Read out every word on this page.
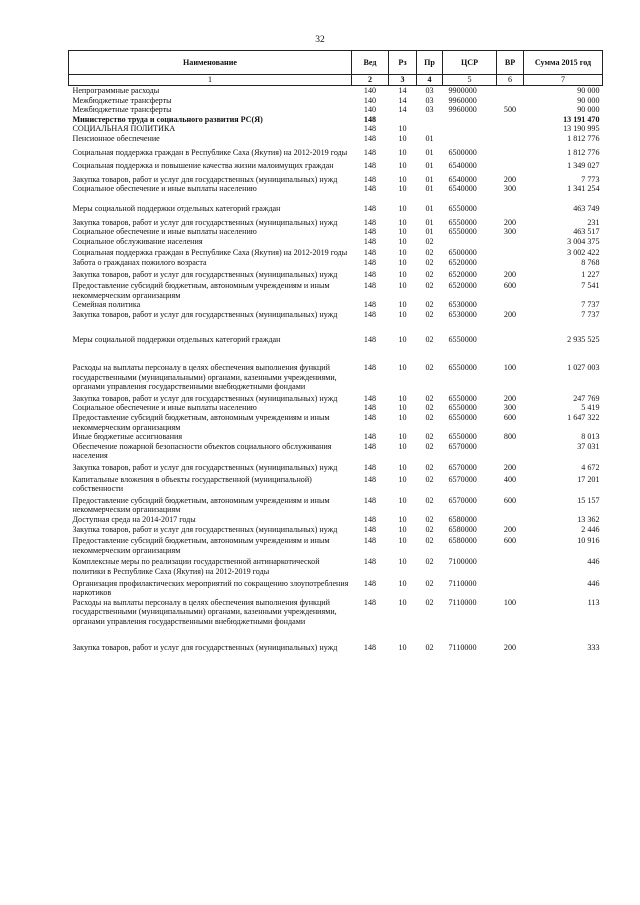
32
Наименование	Вед	Рз	Пр	ЦСР	ВР	Сумма 2015 год
1	2	3	4	5	6	7
Непрограммные расходы	140	14	03	9900000		90 000
Межбюджетные трансферты	140	14	03	9960000		90 000
Межбюджетные трансферты	140	14	03	9960000	500	90 000
Министерство труда и социального развития РС(Я)	148					13 191 470
СОЦИАЛЬНАЯ ПОЛИТИКА	148	10				13 190 995
Пенсионное обеспечение	148	10	01			1 812 776
Социальная поддержка граждан в Республике Саха (Якутия) на 2012-2019 годы	148	10	01	6500000		1 812 776
Социальная поддержка и повышение качества жизни малоимущих граждан	148	10	01	6540000		1 349 027
Закупка товаров, работ и услуг для государственных (муниципальных) нужд	148	10	01	6540000	200	7 773
Социальное обеспечение и иные выплаты населению	148	10	01	6540000	300	1 341 254
Меры социальной поддержки отдельных категорий граждан	148	10	01	6550000		463 749
Закупка товаров, работ и услуг для государственных (муниципальных) нужд	148	10	01	6550000	200	231
Социальное обеспечение и иные выплаты населению	148	10	01	6550000	300	463 517
Социальное обслуживание населения	148	10	02			3 004 375
Социальная поддержка граждан в Республике Саха (Якутия) на 2012-2019 годы	148	10	02	6500000		3 002 422
Забота о гражданах пожилого возраста	148	10	02	6520000		8 768
Закупка товаров, работ и услуг для государственных (муниципальных) нужд	148	10	02	6520000	200	1 227
Предоставление субсидий бюджетным, автономным учреждениям и иным некоммерческим организациям	148	10	02	6520000	600	7 541
Семейная политика	148	10	02	6530000		7 737
Закупка товаров, работ и услуг для государственных (муниципальных) нужд	148	10	02	6530000	200	7 737
Меры социальной поддержки отдельных категорий граждан	148	10	02	6550000		2 935 525
Расходы на выплаты персоналу в целях обеспечения выполнения функций государственными (муниципальными) органами, казенными учреждениями, органами управления государственными внебюджетными фондами	148	10	02	6550000	100	1 027 003
Закупка товаров, работ и услуг для государственных (муниципальных) нужд	148	10	02	6550000	200	247 769
Социальное обеспечение и иные выплаты населению	148	10	02	6550000	300	5 419
Предоставление субсидий бюджетным, автономным учреждениям и иным некоммерческим организациям	148	10	02	6550000	600	1 647 322
Иные бюджетные ассигнования	148	10	02	6550000	800	8 013
Обеспечение пожарной безопасности объектов социального обслуживания населения	148	10	02	6570000		37 031
Закупка товаров, работ и услуг для государственных (муниципальных) нужд	148	10	02	6570000	200	4 672
Капитальные вложения в объекты государственной (муниципальной) собственности	148	10	02	6570000	400	17 201
Предоставление субсидий бюджетным, автономным учреждениям и иным некоммерческим организациям	148	10	02	6570000	600	15 157
Доступная среда на 2014-2017 годы	148	10	02	6580000		13 362
Закупка товаров, работ и услуг для государственных (муниципальных) нужд	148	10	02	6580000	200	2 446
Предоставление субсидий бюджетным, автономным учреждениям и иным некоммерческим организациям	148	10	02	6580000	600	10 916
Комплексные меры по реализации государственной антинаркотической политики в Республике Саха (Якутия) на 2012-2019 годы	148	10	02	7100000		446
Организация профилактических мероприятий по сокращению злоупотребления наркотиков	148	10	02	7110000		446
Расходы на выплаты персоналу в целях обеспечения выполнения функций государственными (муниципальными) органами, казенными учреждениями, органами управления государственными внебюджетными фондами	148	10	02	7110000	100	113
Закупка товаров, работ и услуг для государственных (муниципальных) нужд	148	10	02	7110000	200	333
